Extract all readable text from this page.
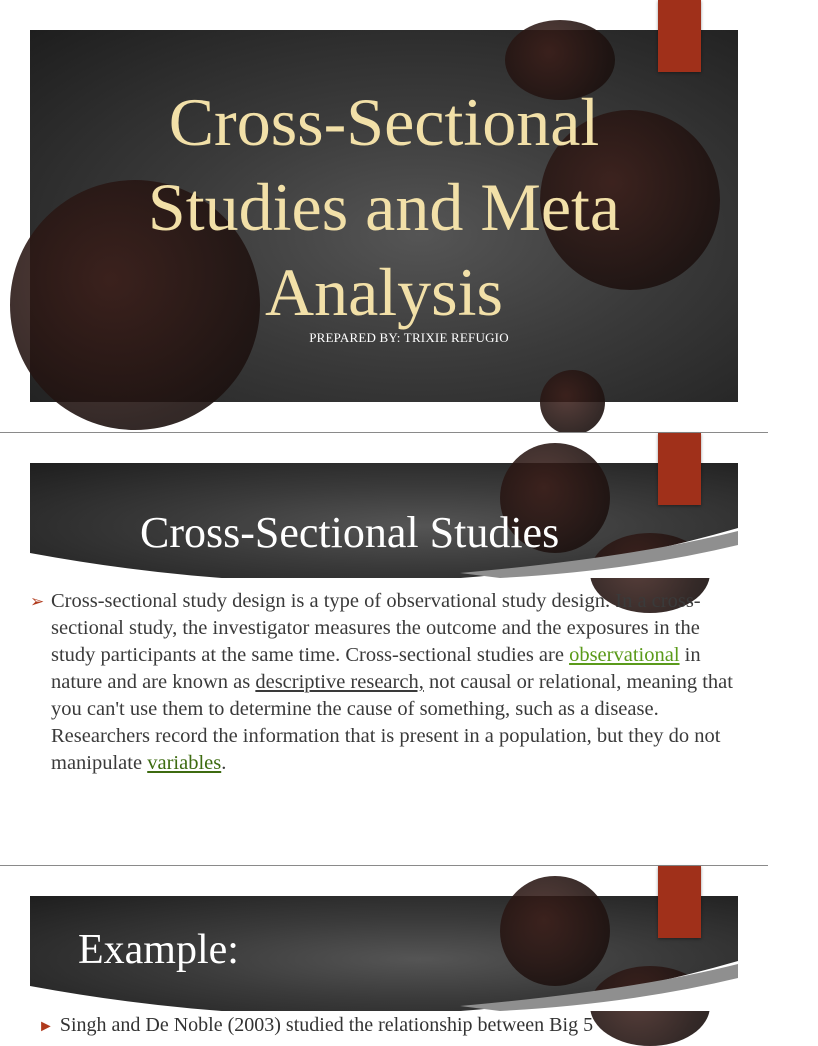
Cross-Sectional
Studies and Meta
Analysis
PREPARED BY: TRIXIE REFUGIO
Cross-Sectional Studies
➢ Cross-sectional study design is a type of observational study design. In a cross-sectional study, the investigator measures the outcome and the exposures in the study participants at the same time. Cross-sectional studies are observational in nature and are known as descriptive research, not causal or relational, meaning that you can't use them to determine the cause of something, such as a disease. Researchers record the information that is present in a population, but they do not manipulate variables.
Example:
► Singh and De Noble (2003) studied the relationship between Big 5
